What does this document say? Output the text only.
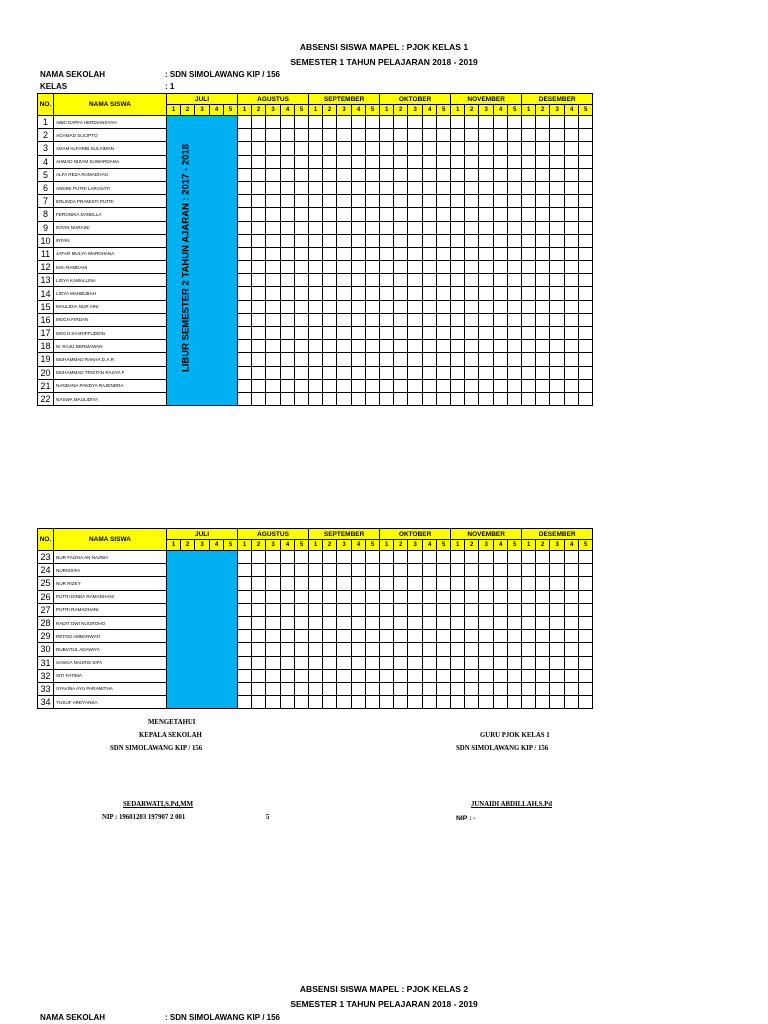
ABSENSI SISWA MAPEL : PJOK KELAS 1
SEMESTER 1 TAHUN PELAJARAN 2018 - 2019
NAMA SEKOLAH	: SDN SIMOLAWANG KIP / 156
KELAS	: 1
NO.	NAMA SISWA	JULI					AGUSTUS					SEPTEMBER					OKTOBER					NOVEMBER					DESEMBER				
		1	2	3	4	5	1	2	3	4	5	1	2	3	4	5	1	2	3	4	5	1	2	3	4	5	1	2	3	4	5
1	ABID DAFFA HERDIANSYAH																														
2	ACHMAD SUCIPTO																														
3	ADAM ALFARBI SULAIMAN																														
4	AHMAD NIZAM SUWARDANA																														
5	ALFA REZA RAMADHAN																														
6	ANDINI PUTRI LARASATI																														
7	ERLINDA PRAMISTI PUTRI																														
8	FERONIKA DANELLA																														
9	INTAN NURAINI																														
10	IRFAN																														
11	JAFAR MULYA WARDHANA																														
12	KIKI RAMDANI																														
13	LIDYA KAMALLINA																														
14	LIDYA MAHBUBAH																														
15	MAULIDIA NUR AINI																														
16	MOCH.FIRDAN																														
17	MOCH.SYARIFFUDDIN																														
18	M. RAJU DERMAWAN																														
19	MUHAMMAD RAKHA D.A.R																														
20	MUHAMMAD TRISTAN RASYA F																														
21	NANDANA PANDYA RAJENDRA																														
22	NASWA MAULIDIYA																														
LIBUR SEMESTER 2 TAHUN AJARAN : 2017 - 2018
NO.	NAMA SISWA	JULI					AGUSTUS					SEPTEMBER					OKTOBER					NOVEMBER					DESEMBER				
		1	2	3	4	5	1	2	3	4	5	1	2	3	4	5	1	2	3	4	5	1	2	3	4	5	1	2	3	4	5
23	NUR FAIZHA AN NAZWA																														
24	NURISSIFA																														
25	NUR RIZKY																														
26	PUTRI DINDA RAMADHANI																														
27	PUTRI RAMADHANI																														
28	RADIT DWI NUGROHO																														
29	RETNO AMBARWATI																														
30	RUBIATUL ADAWIYA																														
31	SASKIA NAURIS SIFA																														
32	SITI FATIMA																														
33	SYAVINA AYU PARAMITHA																														
34	YUSUF ARDYANSA																														
MENGETAHUI
KEPALA SEKOLAH
SDN SIMOLAWANG KIP / 156
GURU PJOK KELAS 1
SDN SIMOLAWANG KIP / 156
SEDARWATI,S.Pd,MM
NIP : 19601203 197907 2 001	5
JUNAIDI ABDILLAH,S.Pd
NIP : -
ABSENSI SISWA MAPEL : PJOK KELAS 2
SEMESTER 1 TAHUN PELAJARAN 2018 - 2019
NAMA SEKOLAH	: SDN SIMOLAWANG KIP / 156
